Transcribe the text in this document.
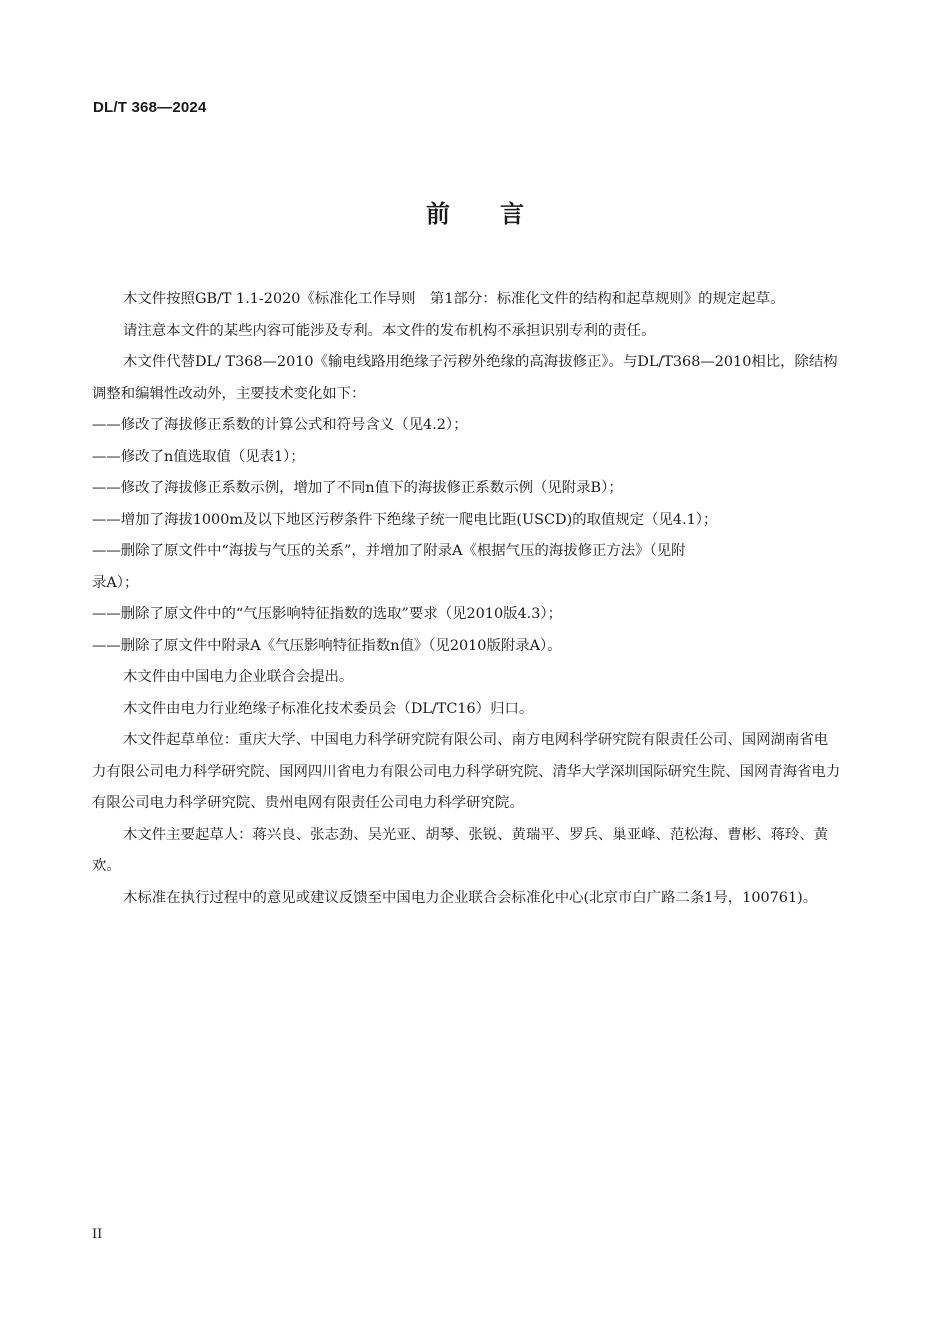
DL/T 368—2024
前言

木文件按照GB/T 1.1-2020《标准化工作导则　第1部分：标准化文件的结构和起草规则》的规定起草。

请注意本文件的某些内容可能涉及专利。本文件的发布机构不承担识别专利的责任。

木文件代替DL/ T368—2010《输电线路用绝缘子污秽外绝缘的高海拔修正》。与DL/T368—2010相比，除结构调整和编辑性改动外，主要技术变化如下：

——修改了海拔修正系数的计算公式和符号含义（见4.2）；

——修改了n值选取值（见表1）；

——修改了海拔修正系数示例，增加了不同n值下的海拔修正系数示例（见附录B）；

——增加了海拔1000m及以下地区污秽条件下绝缘子统一爬电比距(USCD)的取值规定（见4.1）；

——删除了原文件中“海拔与气压的关系”，并增加了附录A《根据气压的海拔修正方法》（见附

录A）；

——删除了原文件中的“气压影响特征指数的选取”要求（见2010版4.3）；

——删除了原文件中附录A《气压影响特征指数n值》（见2010版附录A）。

木文件由中国电力企业联合会提出。

木文件由电力行业绝缘子标准化技术委员会（DL/TC16）归口。

木文件起草单位：重庆大学、中国电力科学研究院有限公司、南方电网科学研究院有限责任公司、国网湖南省电力有限公司电力科学研究院、国网四川省电力有限公司电力科学研究院、清华大学深圳国际研究生院、国网青海省电力有限公司电力科学研究院、贵州电网有限责任公司电力科学研究院。

木文件主要起草人：蒋兴良、张志劲、吴光亚、胡琴、张锐、黄瑞平、罗兵、巢亚峰、范松海、曹彬、蒋玲、黄欢。

木标准在执行过程中的意见或建议反馈至中国电力企业联合会标准化中心(北京市白广路二条1号，100761)。

II
